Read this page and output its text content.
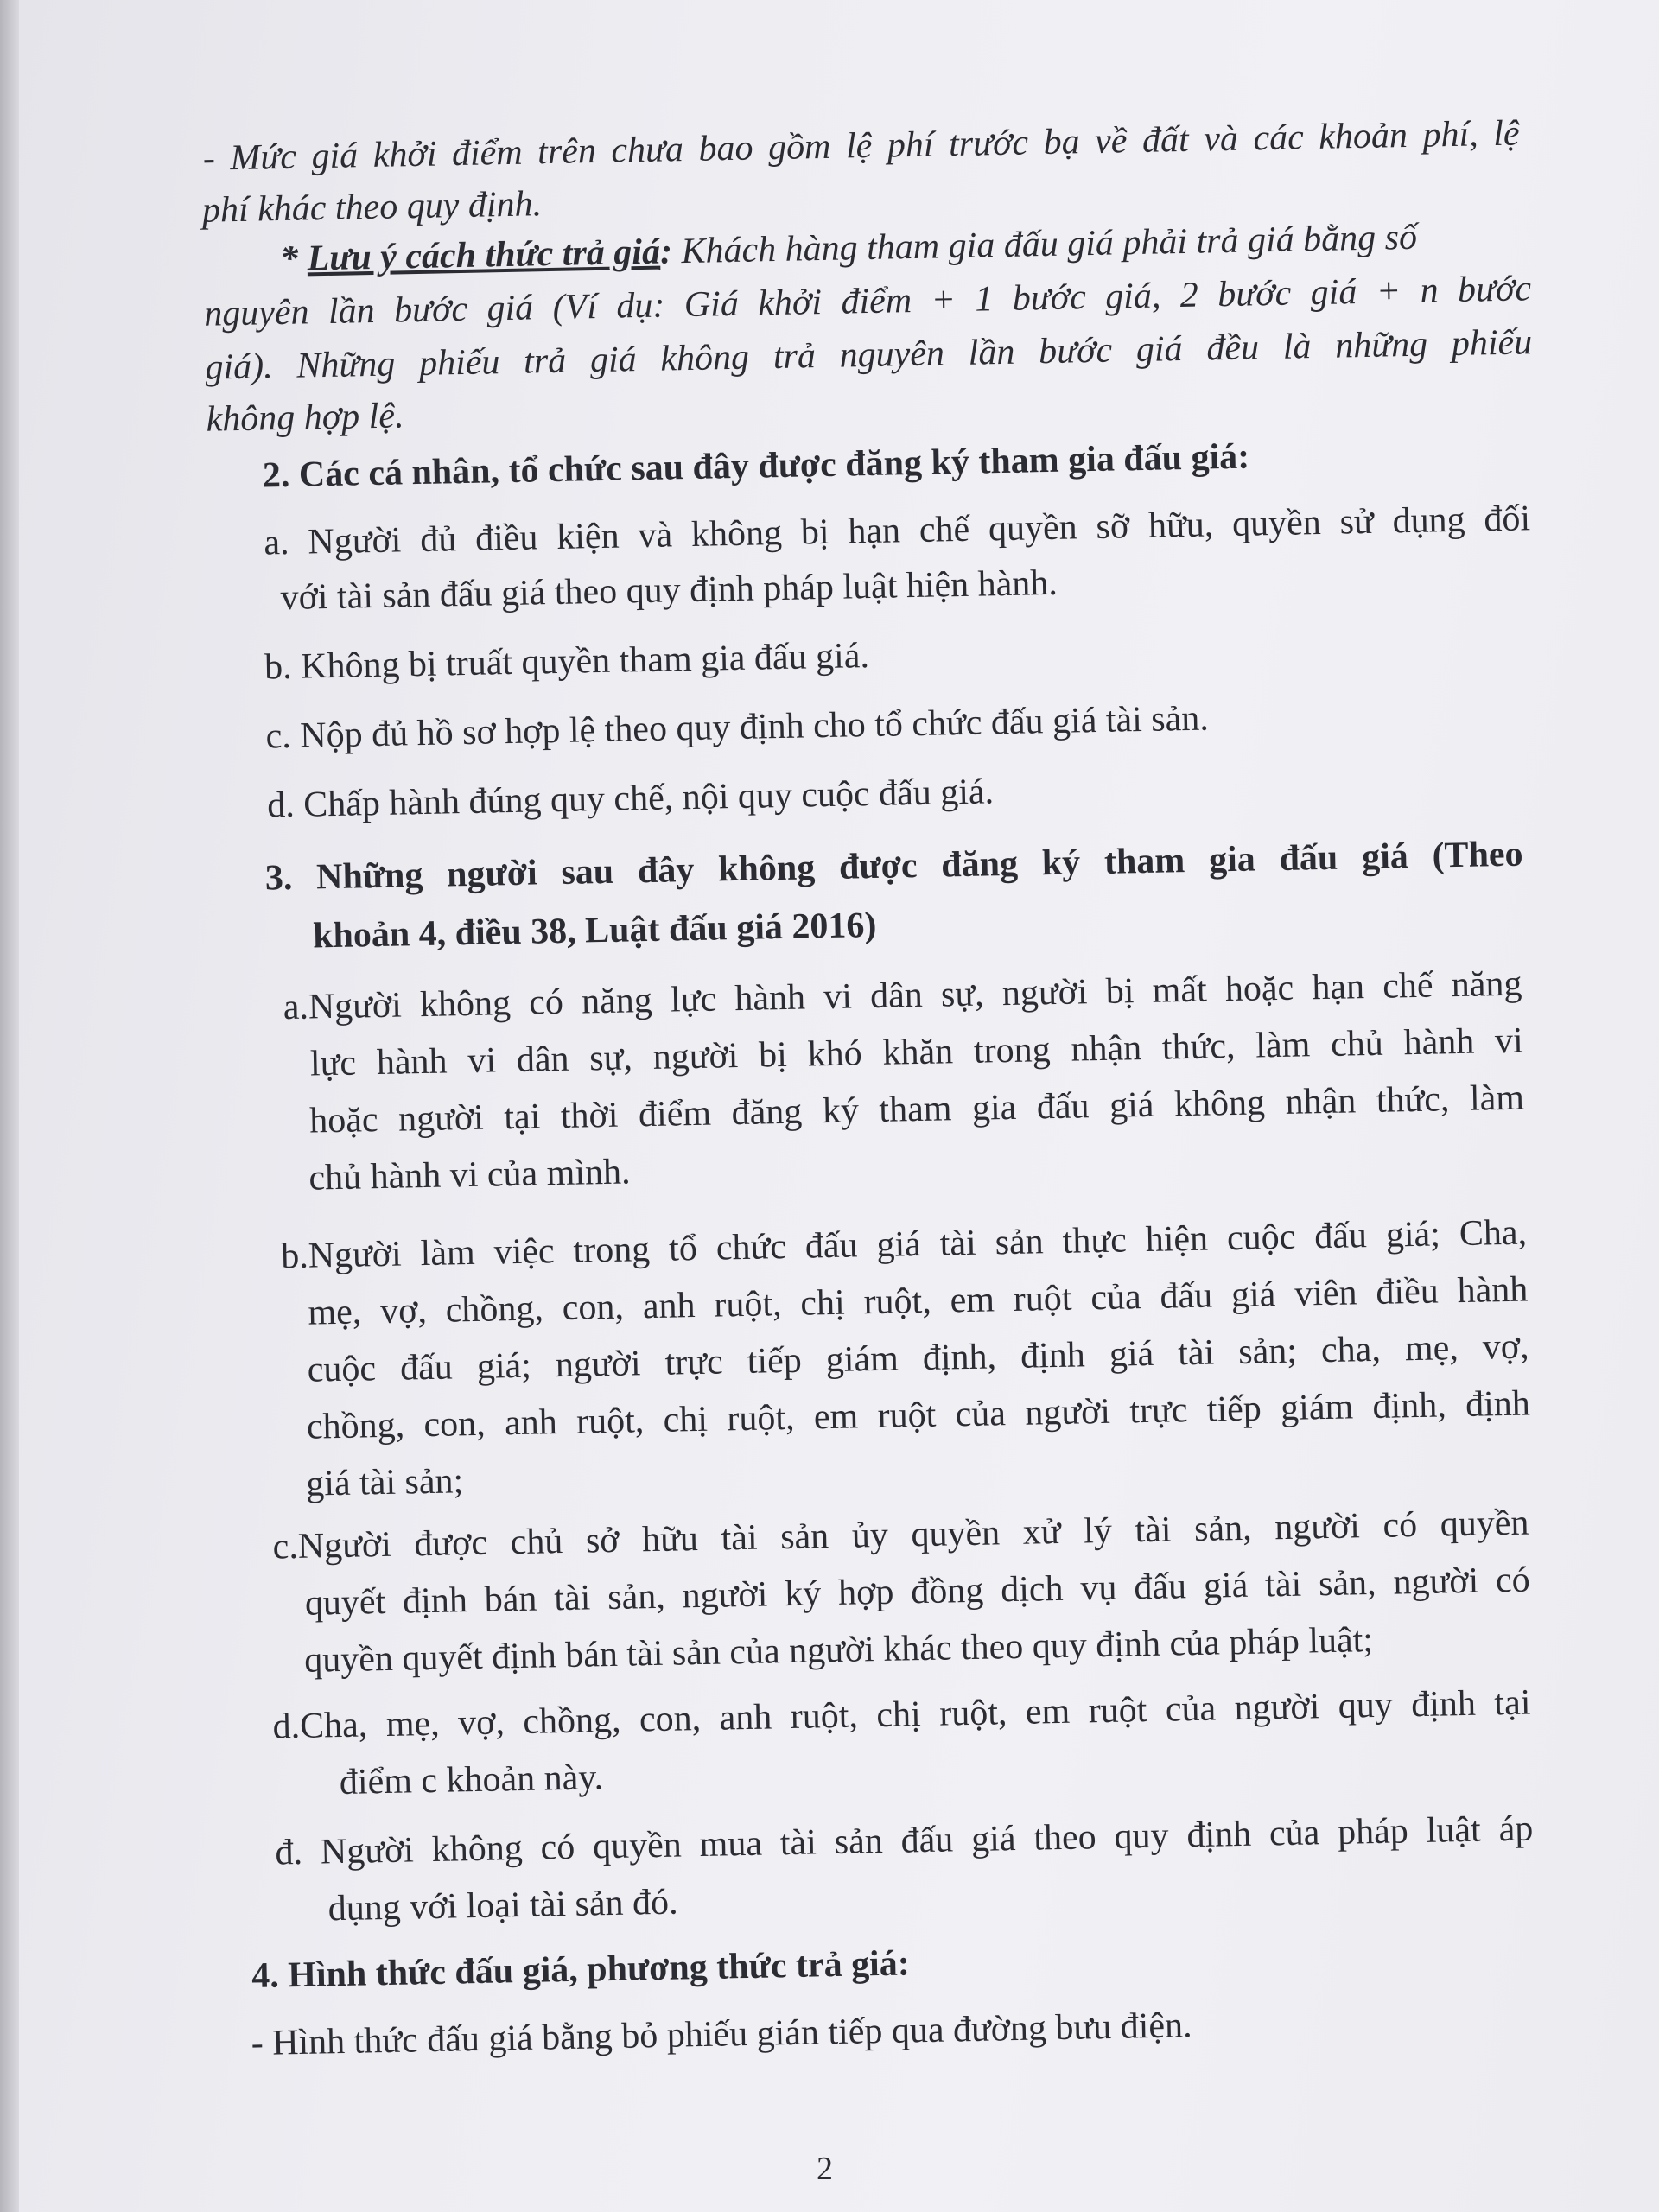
- Mức giá khởi điểm trên chưa bao gồm lệ phí trước bạ về đất và các khoản phí, lệ
phí khác theo quy định.
* Lưu ý cách thức trả giá: Khách hàng tham gia đấu giá phải trả giá bằng số
nguyên lần bước giá (Ví dụ: Giá khởi điểm + 1 bước giá, 2 bước giá + n bước
giá). Những phiếu trả giá không trả nguyên lần bước giá đều là những phiếu
không hợp lệ.
2. Các cá nhân, tổ chức sau đây được đăng ký tham gia đấu giá:
a. Người đủ điều kiện và không bị hạn chế quyền sỡ hữu, quyền sử dụng đối
với tài sản đấu giá theo quy định pháp luật hiện hành.
b. Không bị truất quyền tham gia đấu giá.
c. Nộp đủ hồ sơ hợp lệ theo quy định cho tổ chức đấu giá tài sản.
d. Chấp hành đúng quy chế, nội quy cuộc đấu giá.
3. Những người sau đây không được đăng ký tham gia đấu giá (Theo
khoản 4, điều 38, Luật đấu giá 2016)
a.Người không có năng lực hành vi dân sự, người bị mất hoặc hạn chế năng
lực hành vi dân sự, người bị khó khăn trong nhận thức, làm chủ hành vi
hoặc người tại thời điểm đăng ký tham gia đấu giá không nhận thức, làm
chủ hành vi của mình.
b.Người làm việc trong tổ chức đấu giá tài sản thực hiện cuộc đấu giá; Cha,
mẹ, vợ, chồng, con, anh ruột, chị ruột, em ruột của đấu giá viên điều hành
cuộc đấu giá; người trực tiếp giám định, định giá tài sản; cha, mẹ, vợ,
chồng, con, anh ruột, chị ruột, em ruột của người trực tiếp giám định, định
giá tài sản;
c.Người được chủ sở hữu tài sản ủy quyền xử lý tài sản, người có quyền
quyết định bán tài sản, người ký hợp đồng dịch vụ đấu giá tài sản, người có
quyền quyết định bán tài sản của người khác theo quy định của pháp luật;
d.Cha, mẹ, vợ, chồng, con, anh ruột, chị ruột, em ruột của người quy định tại
điểm c khoản này.
đ. Người không có quyền mua tài sản đấu giá theo quy định của pháp luật áp
dụng với loại tài sản đó.
4. Hình thức đấu giá, phương thức trả giá:
- Hình thức đấu giá bằng bỏ phiếu gián tiếp qua đường bưu điện.
2
